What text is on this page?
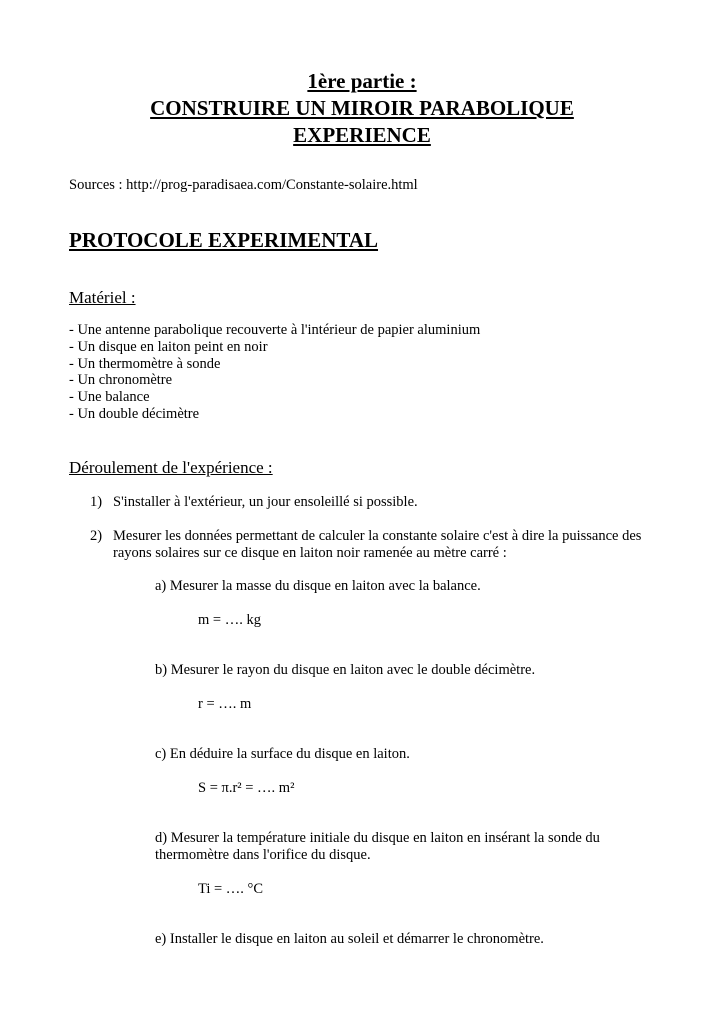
1ère partie :
CONSTRUIRE UN MIROIR PARABOLIQUE
EXPERIENCE
Sources : http://prog-paradisaea.com/Constante-solaire.html
PROTOCOLE EXPERIMENTAL
Matériel :
- Une antenne parabolique recouverte à l'intérieur de papier aluminium
- Un disque en laiton peint en noir
- Un thermomètre à sonde
- Un chronomètre
- Une balance
- Un double décimètre
Déroulement de l'expérience :
1) S'installer à l'extérieur, un jour ensoleillé si possible.
2) Mesurer les données permettant de calculer la constante solaire c'est à dire la puissance des rayons solaires sur ce disque en laiton noir ramenée au mètre carré :
a) Mesurer la masse du disque en laiton avec la balance.
m = …. kg
b) Mesurer le rayon du disque en laiton avec le double décimètre.
r = …. m
c) En déduire la surface du disque en laiton.
S = π.r² = …. m²
d) Mesurer la température initiale du disque en laiton en insérant la sonde du thermomètre dans l'orifice du disque.
Ti = …. °C
e) Installer le disque en laiton au soleil et démarrer le chronomètre.
